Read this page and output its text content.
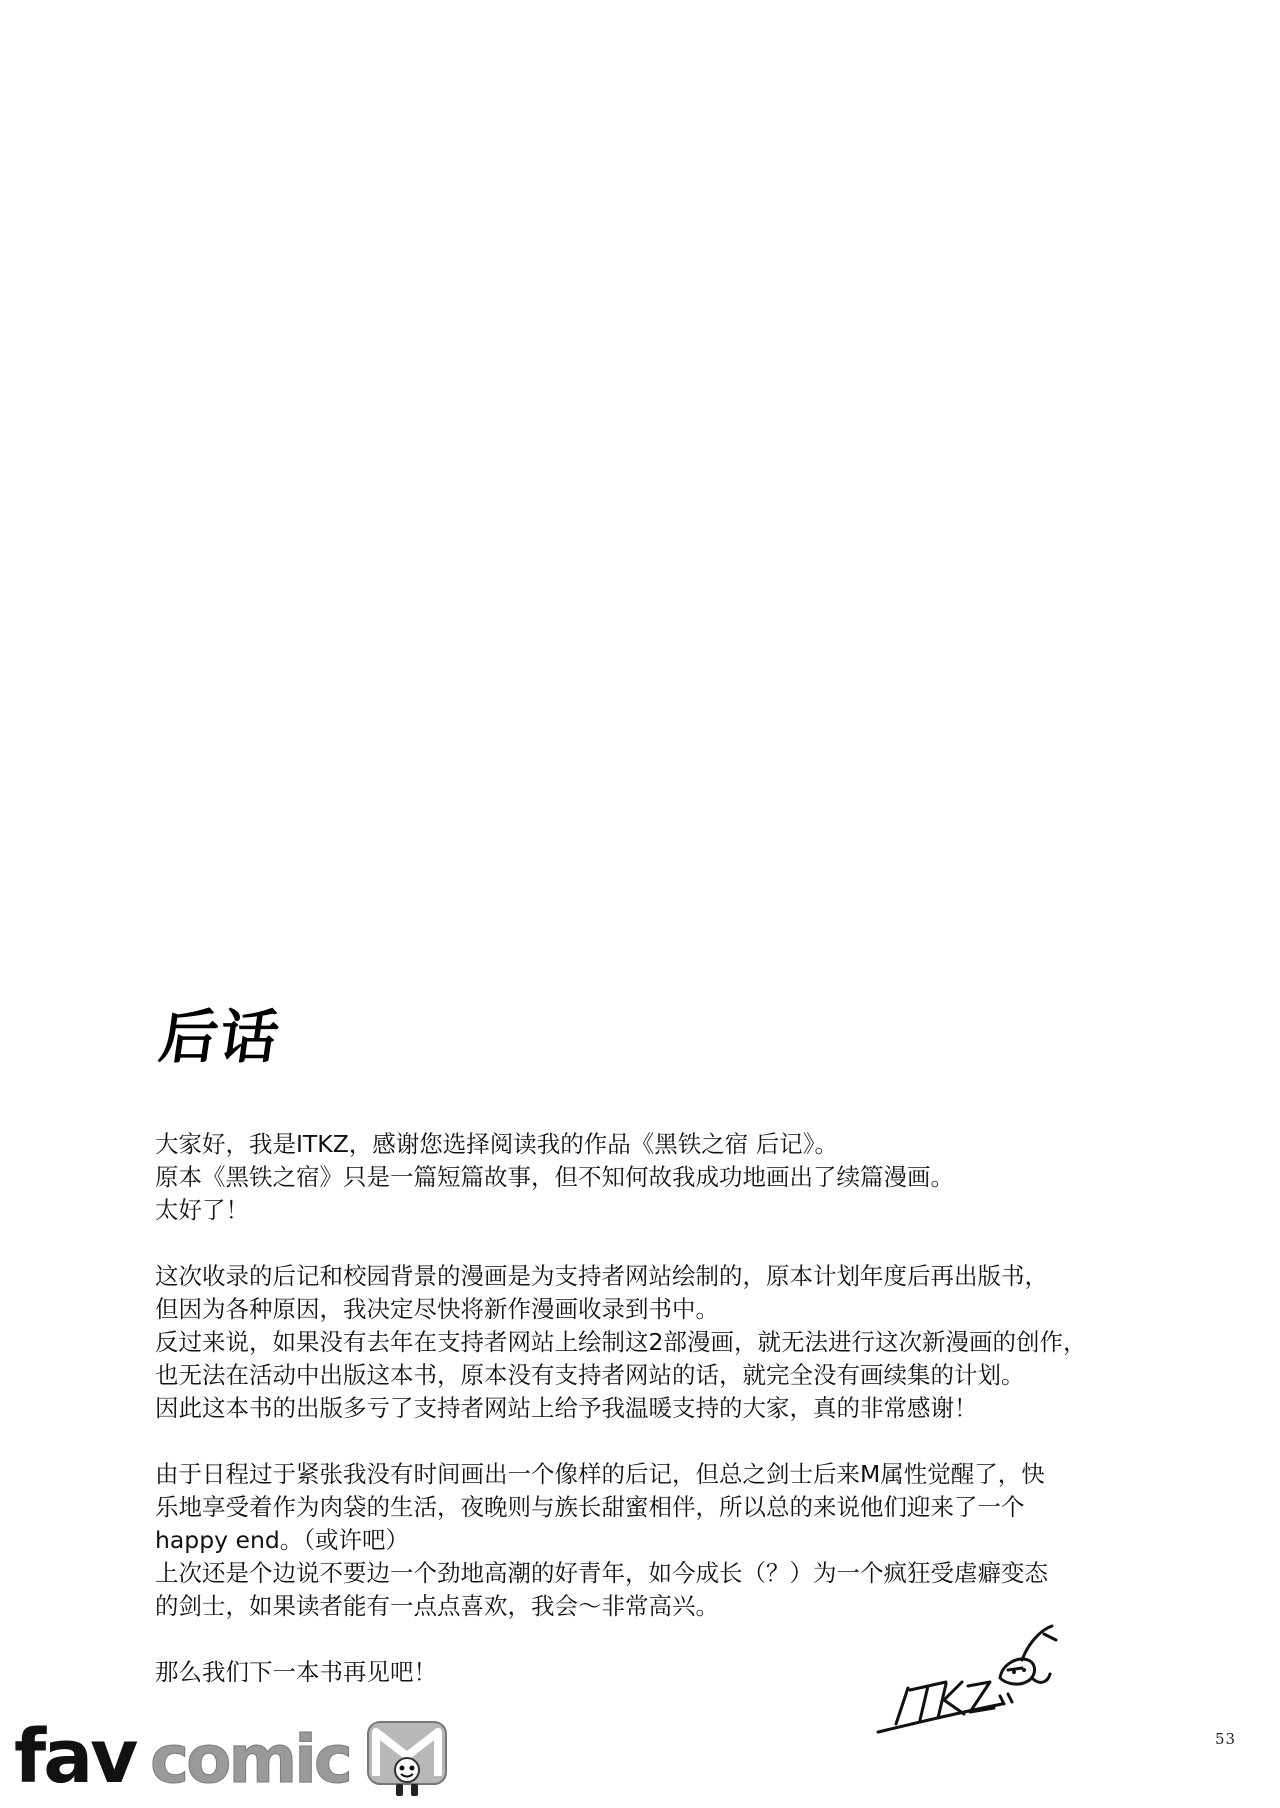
后话

大家好，我是ITKZ，感谢您选择阅读我的作品《黑铁之宿 后记》。
原本《黑铁之宿》只是一篇短篇故事，但不知何故我成功地画出了续篇漫画。
太好了！

这次收录的后记和校园背景的漫画是为支持者网站绘制的，原本计划年度后再出版书，
但因为各种原因，我决定尽快将新作漫画收录到书中。
反过来说，如果没有去年在支持者网站上绘制这2部漫画，就无法进行这次新漫画的创作，
也无法在活动中出版这本书，原本没有支持者网站的话，就完全没有画续集的计划。
因此这本书的出版多亏了支持者网站上给予我温暖支持的大家，真的非常感谢！

由于日程过于紧张我没有时间画出一个像样的后记，但总之剑士后来M属性觉醒了，快
乐地享受着作为肉袋的生活，夜晚则与族长甜蜜相伴，所以总的来说他们迎来了一个
happy end。（或许吧）
上次还是个边说不要边一个劲地高潮的好青年，如今成长（？）为一个疯狂受虐癖变态
的剑士，如果读者能有一点点喜欢，我会～非常高兴。

那么我们下一本书再见吧！

53
fav comic
